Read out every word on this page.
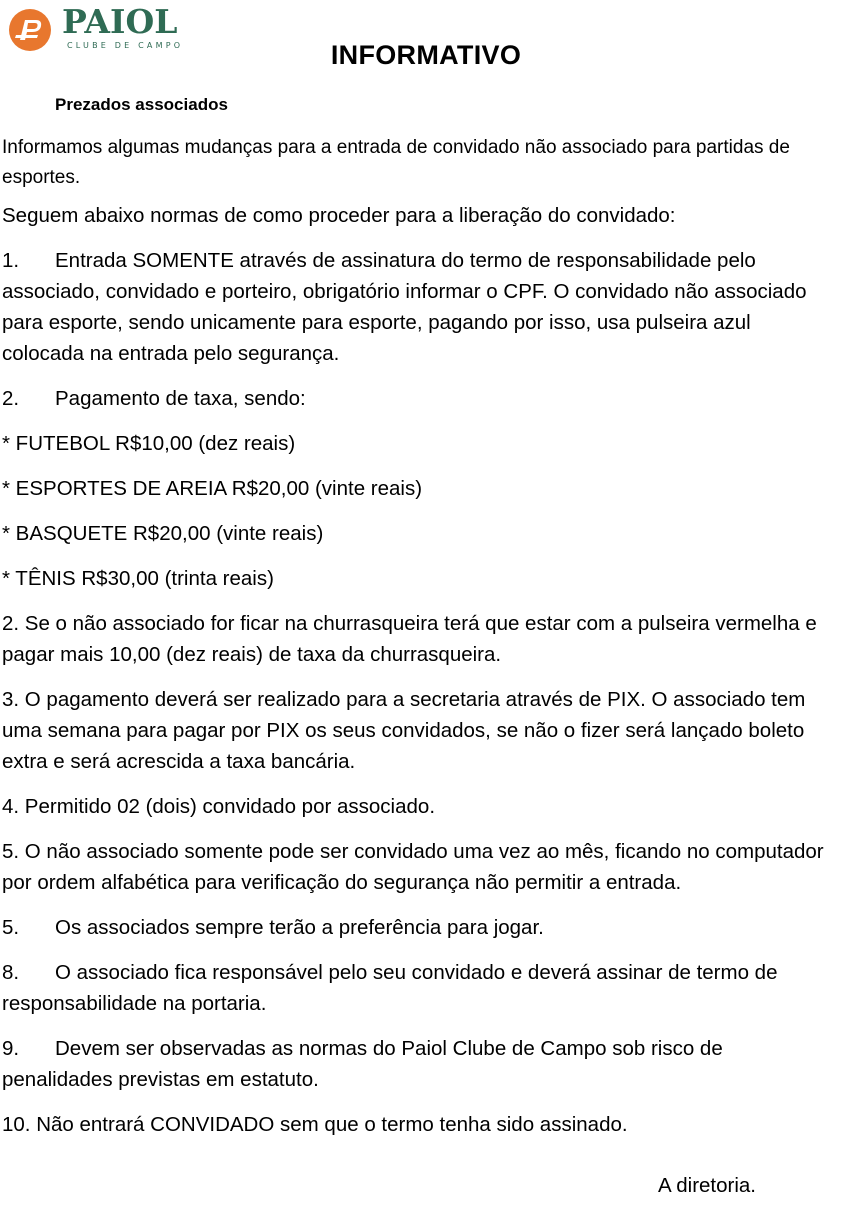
PAIOL
CLUBE DE CAMPO	INFORMATIVO
Prezados associados
Informamos algumas mudanças para a entrada de convidado não associado para partidas de esportes.

Seguem abaixo normas de como proceder para a liberação do convidado:

1. Entrada SOMENTE através de assinatura do termo de responsabilidade pelo associado, convidado e porteiro, obrigatório informar o CPF. O convidado não associado para esporte, sendo unicamente para esporte, pagando por isso, usa pulseira azul colocada na entrada pelo segurança.

2. Pagamento de taxa, sendo:

* FUTEBOL R$10,00 (dez reais)

* ESPORTES DE AREIA R$20,00 (vinte reais)

* BASQUETE R$20,00 (vinte reais)

* TÊNIS R$30,00 (trinta reais)

2. Se o não associado for ficar na churrasqueira terá que estar com a pulseira vermelha e pagar mais 10,00 (dez reais) de taxa da churrasqueira.

3. O pagamento deverá ser realizado para a secretaria através de PIX. O associado tem uma semana para pagar por PIX os seus convidados, se não o fizer será lançado boleto extra e será acrescida a taxa bancária.

4. Permitido 02 (dois) convidado por associado.

5. O não associado somente pode ser convidado uma vez ao mês, ficando no computador por ordem alfabética para verificação do segurança não permitir a entrada.

5. Os associados sempre terão a preferência para jogar.

8. O associado fica responsável pelo seu convidado e deverá assinar de termo de responsabilidade na portaria.

9. Devem ser observadas as normas do Paiol Clube de Campo sob risco de penalidades previstas em estatuto.

10. Não entrará CONVIDADO sem que o termo tenha sido assinado.

A diretoria.
